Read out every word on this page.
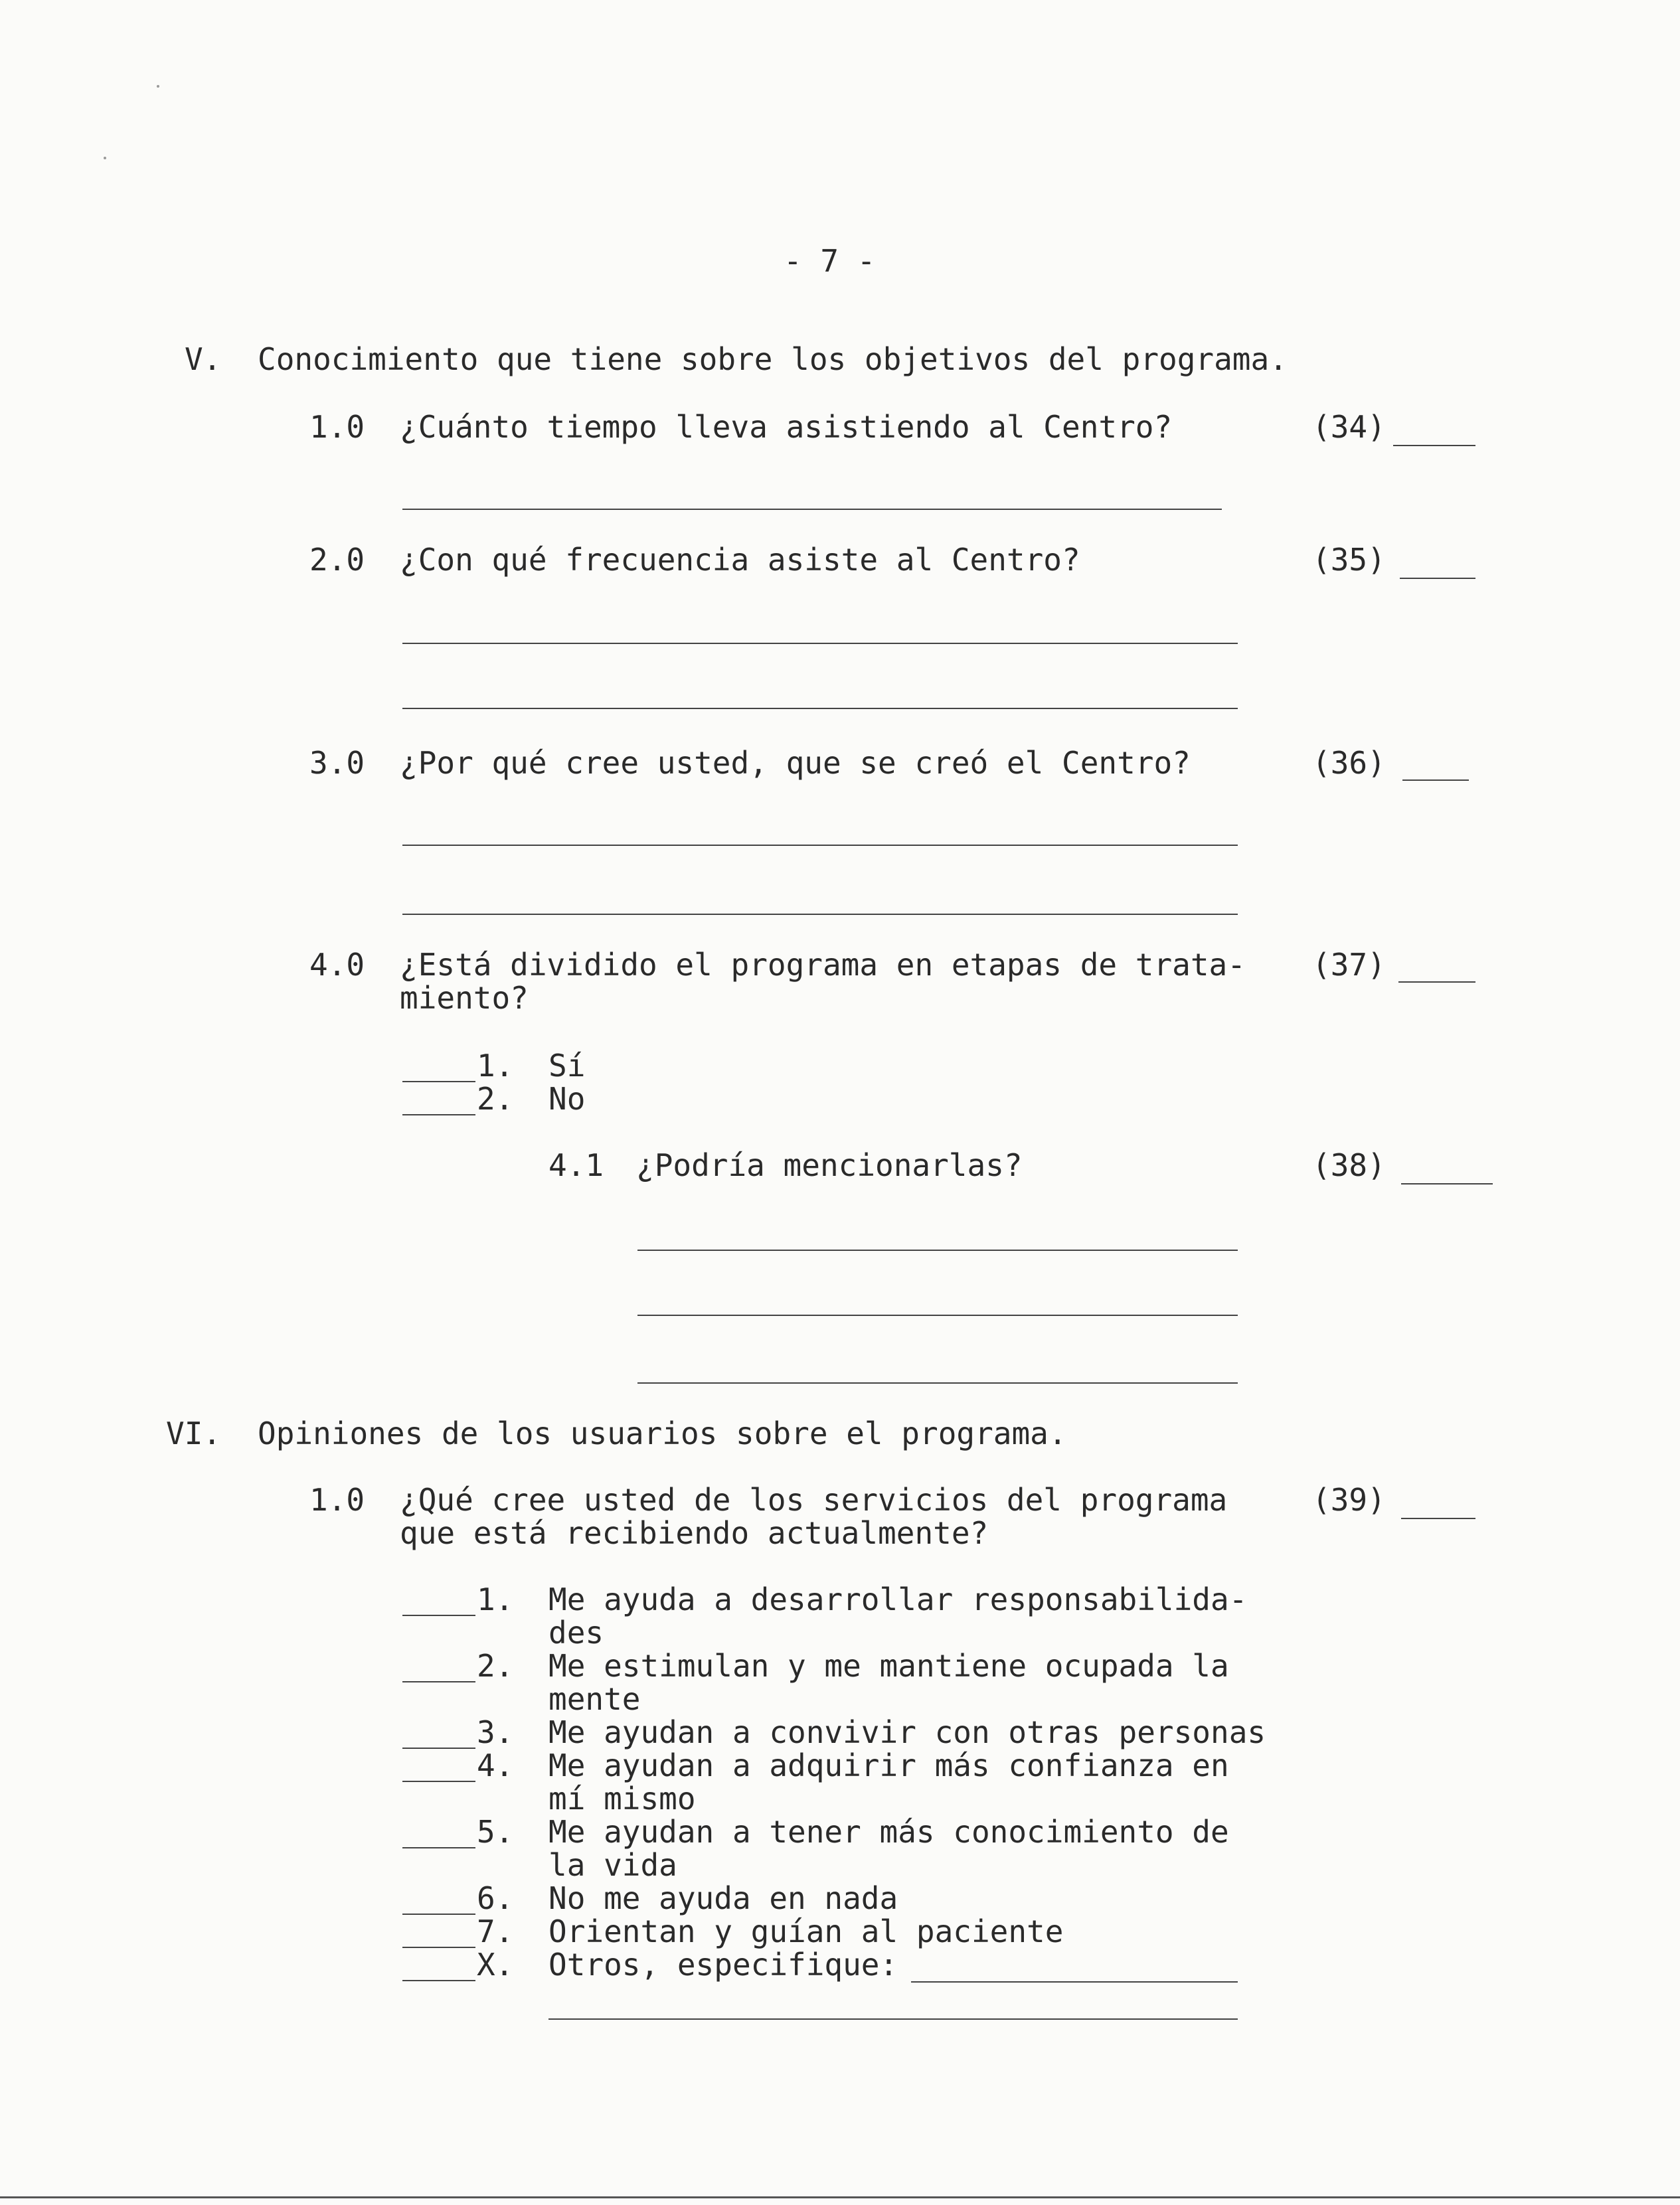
- 7 -
V. Conocimiento que tiene sobre los objetivos del programa.
1.0 ¿Cuánto tiempo lleva asistiendo al Centro?	(34)
2.0 ¿Con qué frecuencia asiste al Centro?	(35)
3.0 ¿Por qué cree usted, que se creó el Centro?	(36)
4.0 ¿Está dividido el programa en etapas de trata-
miento?
(37)
1. Sí
2. No
4.1 ¿Podría mencionarlas?	(38)
VI. Opiniones de los usuarios sobre el programa.
1.0 ¿Qué cree usted de los servicios del programa
que está recibiendo actualmente?
(39)
1. Me ayuda a desarrollar responsabilida-
des
2. Me estimulan y me mantiene ocupada la
mente
3. Me ayudan a convivir con otras personas
4. Me ayudan a adquirir más confianza en
mí mismo
5. Me ayudan a tener más conocimiento de
la vida
6. No me ayuda en nada
7. Orientan y guían al paciente
X. Otros, especifique:
